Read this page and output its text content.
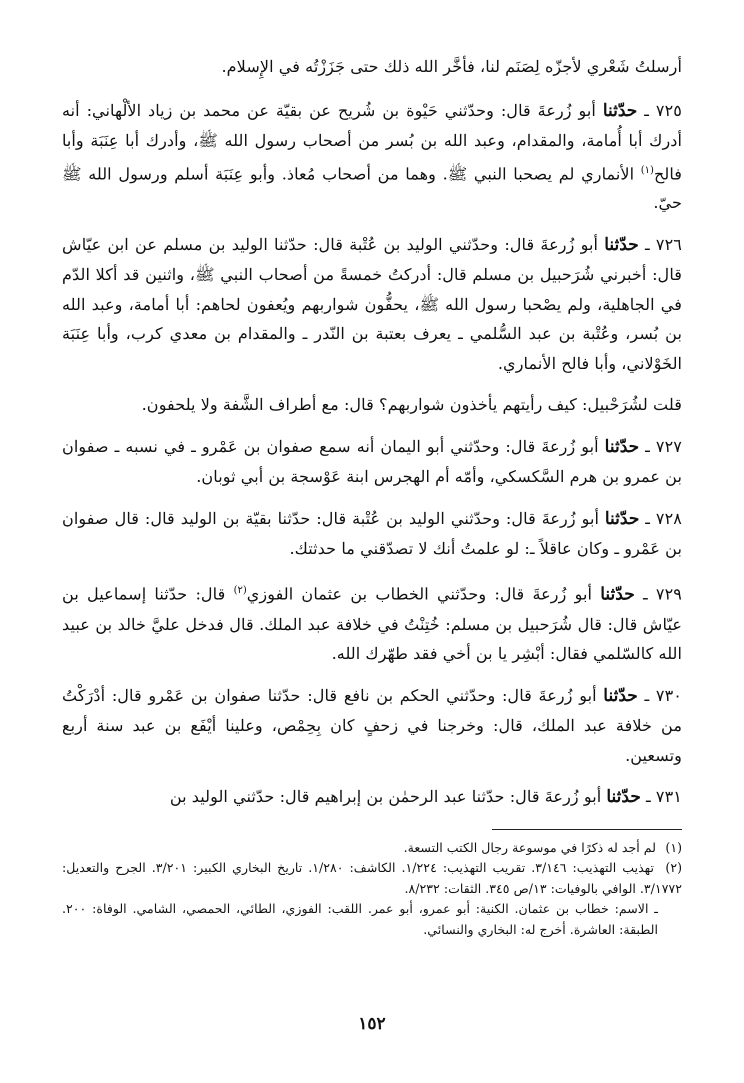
أرسلتُ شَعْري لأجزّه لِصَنَم لنا، فأخَّر الله ذلك حتى جَزَزْتُه في الإِسلام.

٧٢٥ ـ حدّثنا أبو زُرعةَ قال: وحدّثني حَيْوة بن شُريح عن بقيّة عن محمد بن زياد الألْهاني: أنه أدرك أبا أُمامة، والمقدام، وعبد الله بن بُسر من أصحاب رسول الله ﷺ، وأدرك أبا عِنَبَة وأبا فالح$^{(١)}$ الأنماري لم يصحبا النبي ﷺ. وهما من أصحاب مُعاذ. وأبو عِنَبَة أسلم ورسول الله ﷺ حيّ.

٧٢٦ ـ حدّثنا أبو زُرعةَ قال: وحدّثني الوليد بن عُتْبة قال: حدّثنا الوليد بن مسلم عن ابن عيّاش قال: أخبرني شُرَحبيل بن مسلم قال: أدركتُ خمسةً من أصحاب النبي ﷺ، واثنين قد أكلا الدّم في الجاهلية، ولم يصْحبا رسول الله ﷺ، يحفُّون شواربهم ويُعفون لحاهم: أبا أمامة، وعبد الله بن بُسر، وعُتْبة بن عبد السُّلمي ـ يعرف بعتبة بن النّدر ـ والمقدام بن معدي كرب، وأبا عِنَبَة الخَوْلاني، وأبا فالح الأنماري.

قلت لشُرَحْبيل: كيف رأيتهم يأخذون شواربهم؟ قال: مع أطراف الشَّفة ولا يلحفون.

٧٢٧ ـ حدّثنا أبو زُرعةَ قال: وحدّثني أبو اليمان أنه سمع صفوان بن عَمْرو ـ في نسبه ـ صفوان بن عمرو بن هرم السَّكسكي، وأمّه أم الهجرس ابنة عَوْسجة بن أبي ثوبان.

٧٢٨ ـ حدّثنا أبو زُرعةَ قال: وحدّثني الوليد بن عُتْبة قال: حدّثنا بقيّة بن الوليد قال: قال صفوان بن عَمْرو ـ وكان عاقلاً ـ: لو علمتُ أنك لا تصدّقني ما حدثتك.

٧٢٩ ـ حدّثنا أبو زُرعةَ قال: وحدّثني الخطاب بن عثمان الفوزي$^{(٢)}$ قال: حدّثنا إسماعيل بن عيّاش قال: قال شُرَحبيل بن مسلم: خُتِنْتُ في خلافة عبد الملك. قال فدخل عليَّ خالد بن عبيد الله كالسّلمي فقال: أبْشِر يا بن أخي فقد طهّرك الله.

٧٣٠ ـ حدّثنا أبو زُرعةَ قال: وحدّثني الحكم بن نافع قال: حدّثنا صفوان بن عَمْرو قال: أدْرَكْتُ من خلافة عبد الملك، قال: وخرجنا في زحفٍ كان بِحِمْص، وعلينا أيْفَع بن عبد سنة أربع وتسعين.

٧٣١ ـ حدّثنا أبو زُرعةَ قال: حدّثنا عبد الرحمٰن بن إبراهيم قال: حدّثني الوليد بن

(١) لم أجد له ذكرًا في موسوعة رجال الكتب التسعة.

(٢) تهذيب التهذيب: ٣/١٤٦. تقريب التهذيب: ١/٢٢٤. الكاشف: ١/٢٨٠. تاريخ البخاري الكبير: ٣/٢٠١. الجرح والتعديل: ٣/١٧٧٢. الوافي بالوفيات: ١٣/ص ٣٤٥. الثقات: ٨/٢٣٢.

ـ الاسم: خطاب بن عثمان. الكنية: أبو عمرو، أبو عمر. اللقب: الفوزي، الطائي، الحمصي، الشامي. الوفاة: ٢٠٠. الطبقة: العاشرة. أخرج له: البخاري والنسائي.

١٥٢
